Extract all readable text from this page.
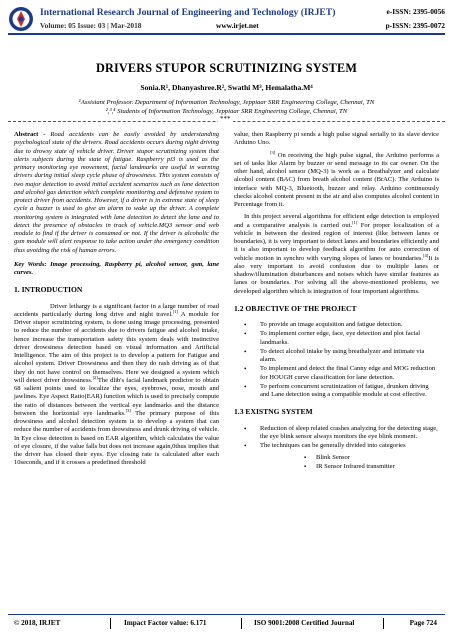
International Research Journal of Engineering and Technology (IRJET)
Volume: 05 Issue: 03 | Mar-2018	www.irjet.net
e-ISSN: 2395-0056
p-ISSN: 2395-0072
DRIVERS STUPOR SCRUTINIZING SYSTEM
Sonia.R¹, Dhanyashree.R², Swathi M³, Hemalatha.M⁴
¹Assistant Professor. Department of Information Technology, Jeppiaar SRR Engineering College, Chennai, TN
²,³,⁴ Students of Information Technology, Jeppiaar SRR Engineering College, Chennai, TN
***

Abstract - Road accidents can be easily avoided by understanding psychological state of the drivers. Road accidents occurs during night driving due to drowsy state of vehicle driver. Driver stupor scrutinizing system that alerts subjects during the state of fatigue. Raspberry pi3 is used as the primary monitoring eye movement, facial landmarks are useful in warning drivers during initial sleep cycle phase of drowsiness. This system consists of two major detection to avoid initial accident scenarios such as lane detection and alcohol gas detection which complete monitoring and defensive system to protect driver from accidents. However, if a driver is in extreme state of sleep cycle a buzzer is used to give an alarm to wake up the driver. A complete monitoring system is integrated with lane detection to detect the lane and to detect the presence of obstacles in track of vehicle.MQ3 sensor and web module to find if the driver is consumed or not. If the driver is alcoholic the gsm module will alert response to take action under the emergency condition thus avoiding the risk of human errors.

Key Words: Image processing, Raspberry pi, alcohol sensor, gsm, lane curves.

1. INTRODUCTION

Driver lethargy is a significant factor in a large number of road accidents particularly during long drive and night travel.[1] A module for Driver stupor scrutinizing system, is done using image processing, presented to reduce the number of accidents due to drivers fatigue and alcohol intake, hence increase the transportation safety this system deals with instinctive driver drowsiness detection based on visual information and Artificial Intelligence. The aim of this project is to develop a pattern for Fatigue and alcohol system. Driver Drowsiness and then they do rash driving as of that they do not have control on themselves. Here we designed a system which will detect driver drowsiness.[2]The dlib's facial landmark predictor to obtain 68 salient points used to localize the eyes, eyebrows, nose, mouth and jawlines. Eye Aspect Ratio(EAR) function which is used to precisely compute the ratio of distances between the vertical eye landmarks and the distance between the horizontal eye landmarks.[3] The primary purpose of this drowsiness and alcohol detection system is to develop a system that can reduce the number of accidents from drowsiness and drunk driving of vehicle. In Eye close detection is based on EAR algorithm, which calculates the value of eye closure, if the value falls but does not increase again,0thus implies that the driver has closed their eyes. Eye closing rate is calculated after each 10seconds, and if it crosses a predefined threshold

value, then Raspberry pi sends a high pulse signal serially to its slave device Arduino Uno.

[3] On receiving the high pulse signal, the Arduino performs a set of tasks like Alarm by buzzer or send message to its car owner. On the other hand, alcohol sensor (MQ-3) is work as a Breathalyzer and calculate alcohol content (BAC) from breath alcohol content (BrAC). The Arduino is interface with MQ-3, Bluetooth, buzzer and relay. Arduino continuously checks alcohol content present in the air and also computes alcohol content in Percentage from it.

In this project several algorithms for efficient edge detection is employed and a comparative analysis is carried out.[1] For proper localization of a vehicle in between the desired region of interest (like between lanes or boundaries), it is very important to detect lanes and boundaries efficiently and it is also important to develop feedback algorithm for auto correction of vehicle motion in synchro with varying slopes of lanes or boundaries.[4]It is also very important to avoid confusion due to multiple lanes or shadow/illumination disturbances and noises which have similar features as lanes or boundaries. For solving all the above-mentioned problems, we developed algorithm which is integration of four important algorithms.

1.2 OBJECTIVE OF THE PROJECT
• To provide an image acquisition and fatigue detection.
• To implement corner edge, face, eye detection and plot facial landmarks.
• To detect alcohol intake by using breathalyzer and intimate via alarm.
• To implement and detect the final Canny edge and MOG reduction for HOUGH curve classification for lane detection.
• To perform concurrent scrutinization of fatigue, drunken driving and Lane detection using a compatible module at cost effective.
1.3 EXISTNG SYSTEM
• Reduction of sleep related crashes analyzing for the detecting stage, the eye blink sensor always monitors the eye blink moment.
• The techniques can be generally divided into categories
▪ Blink Sensor
▪ IR Sensor Infrared transmitter
© 2018, IRJET	Impact Factor value: 6.171	ISO 9001:2008 Certified Journal	Page 724
